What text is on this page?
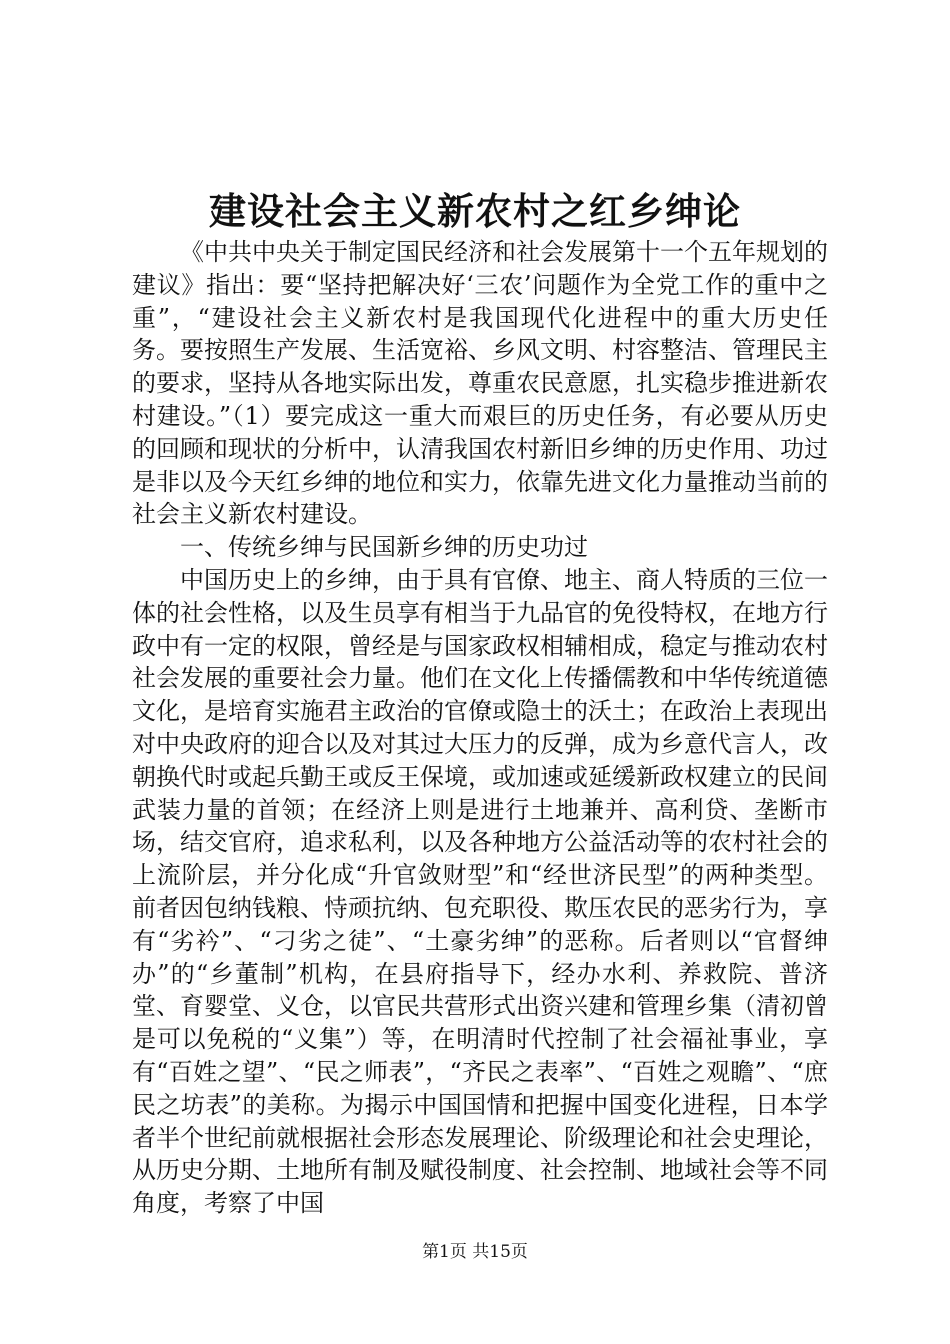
建设社会主义新农村之红乡绅论

《中共中央关于制定国民经济和社会发展第十一个五年规划的建议》指出：要“坚持把解决好‘三农’问题作为全党工作的重中之重”，“建设社会主义新农村是我国现代化进程中的重大历史任务。要按照生产发展、生活宽裕、乡风文明、村容整洁、管理民主的要求，坚持从各地实际出发，尊重农民意愿，扎实稳步推进新农村建设。”（1）要完成这一重大而艰巨的历史任务，有必要从历史的回顾和现状的分析中，认清我国农村新旧乡绅的历史作用、功过是非以及今天红乡绅的地位和实力，依靠先进文化力量推动当前的社会主义新农村建设。

一、传统乡绅与民国新乡绅的历史功过

中国历史上的乡绅，由于具有官僚、地主、商人特质的三位一体的社会性格，以及生员享有相当于九品官的免役特权，在地方行政中有一定的权限，曾经是与国家政权相辅相成，稳定与推动农村社会发展的重要社会力量。他们在文化上传播儒教和中华传统道德文化，是培育实施君主政治的官僚或隐士的沃土；在政治上表现出对中央政府的迎合以及对其过大压力的反弹，成为乡意代言人，改朝换代时或起兵勤王或反王保境，或加速或延缓新政权建立的民间武装力量的首领；在经济上则是进行土地兼并、高利贷、垄断市场，结交官府，追求私利，以及各种地方公益活动等的农村社会的上流阶层，并分化成“升官敛财型”和“经世济民型”的两种类型。前者因包纳钱粮、恃顽抗纳、包充职役、欺压农民的恶劣行为，享有“劣衿”、“刁劣之徒”、“土豪劣绅”的恶称。后者则以“官督绅办”的“乡董制”机构，在县府指导下，经办水利、养救院、普济堂、育婴堂、义仓，以官民共营形式出资兴建和管理乡集（清初曾是可以免税的“义集”）等，在明清时代控制了社会福祉事业，享有“百姓之望”、“民之师表”，“齐民之表率”、“百姓之观瞻”、“庶民之坊表”的美称。为揭示中国国情和把握中国变化进程，日本学者半个世纪前就根据社会形态发展理论、阶级理论和社会史理论，从历史分期、土地所有制及赋役制度、社会控制、地域社会等不同角度，考察了中国

第1页 共15页
